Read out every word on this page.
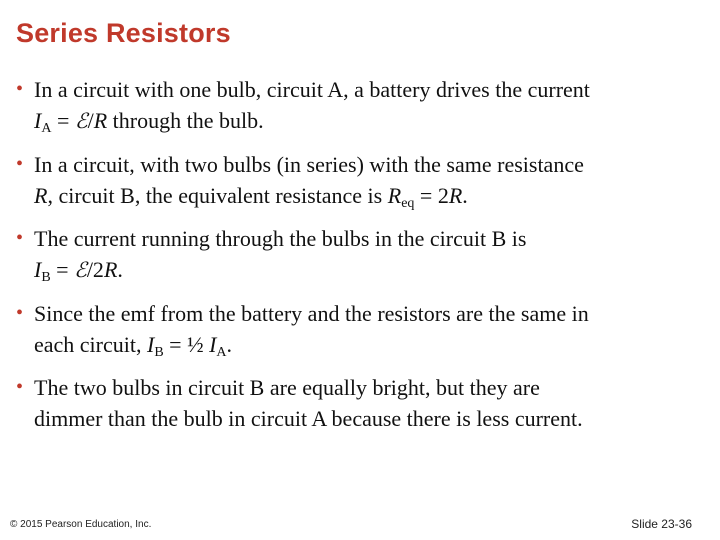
Series Resistors
• In a circuit with one bulb, circuit A, a battery drives the current
$I_A$ = ℰ/R through the bulb.
• In a circuit, with two bulbs (in series) with the same resistance
R, circuit B, the equivalent resistance is $R_{eq} = 2R$.
• The current running through the bulbs in the circuit B is
$I_B$ = ℰ/2R.
• Since the emf from the battery and the resistors are the same in
each circuit, $I_B$ = ½ $I_A$.
• The two bulbs in circuit B are equally bright, but they are
dimmer than the bulb in circuit A because there is less current.
© 2015 Pearson Education, Inc.	Slide 23-36
